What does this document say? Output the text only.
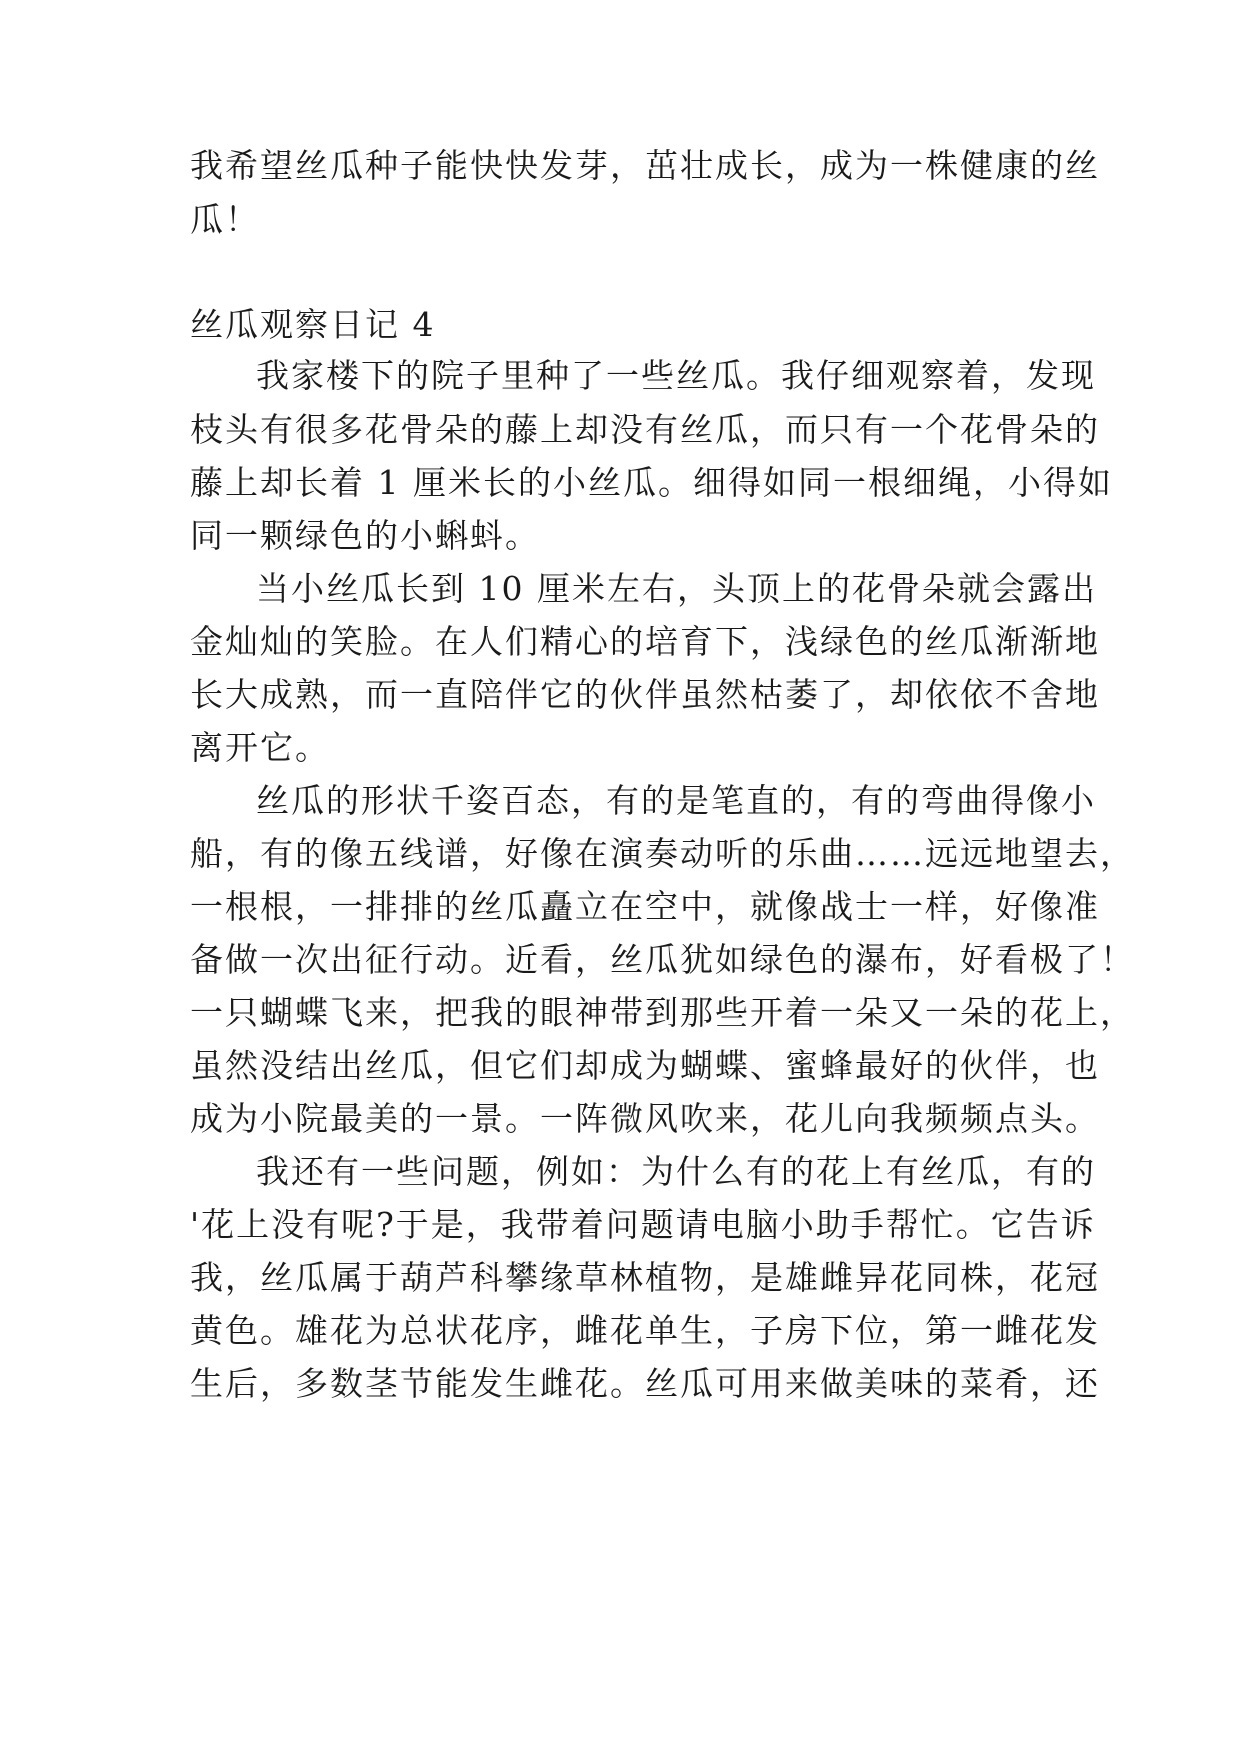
我希望丝瓜种子能快快发芽，茁壮成长，成为一株健康的丝
瓜！
丝瓜观察日记 4
我家楼下的院子里种了一些丝瓜。我仔细观察着，发现
枝头有很多花骨朵的藤上却没有丝瓜，而只有一个花骨朵的
藤上却长着 1 厘米长的小丝瓜。细得如同一根细绳，小得如
同一颗绿色的小蝌蚪。
当小丝瓜长到 10 厘米左右，头顶上的花骨朵就会露出
金灿灿的笑脸。在人们精心的培育下，浅绿色的丝瓜渐渐地
长大成熟，而一直陪伴它的伙伴虽然枯萎了，却依依不舍地
离开它。
丝瓜的形状千姿百态，有的是笔直的，有的弯曲得像小
船，有的像五线谱，好像在演奏动听的乐曲……远远地望去，
一根根，一排排的丝瓜矗立在空中，就像战士一样，好像准
备做一次出征行动。近看，丝瓜犹如绿色的瀑布，好看极了！
一只蝴蝶飞来，把我的眼神带到那些开着一朵又一朵的花上，
虽然没结出丝瓜，但它们却成为蝴蝶、蜜蜂最好的伙伴，也
成为小院最美的一景。一阵微风吹来，花儿向我频频点头。
我还有一些问题，例如：为什么有的花上有丝瓜，有的
'花上没有呢?于是，我带着问题请电脑小助手帮忙。它告诉
我，丝瓜属于葫芦科攀缘草林植物，是雄雌异花同株，花冠
黄色。雄花为总状花序，雌花单生，子房下位，第一雌花发
生后，多数茎节能发生雌花。丝瓜可用来做美味的菜肴，还
